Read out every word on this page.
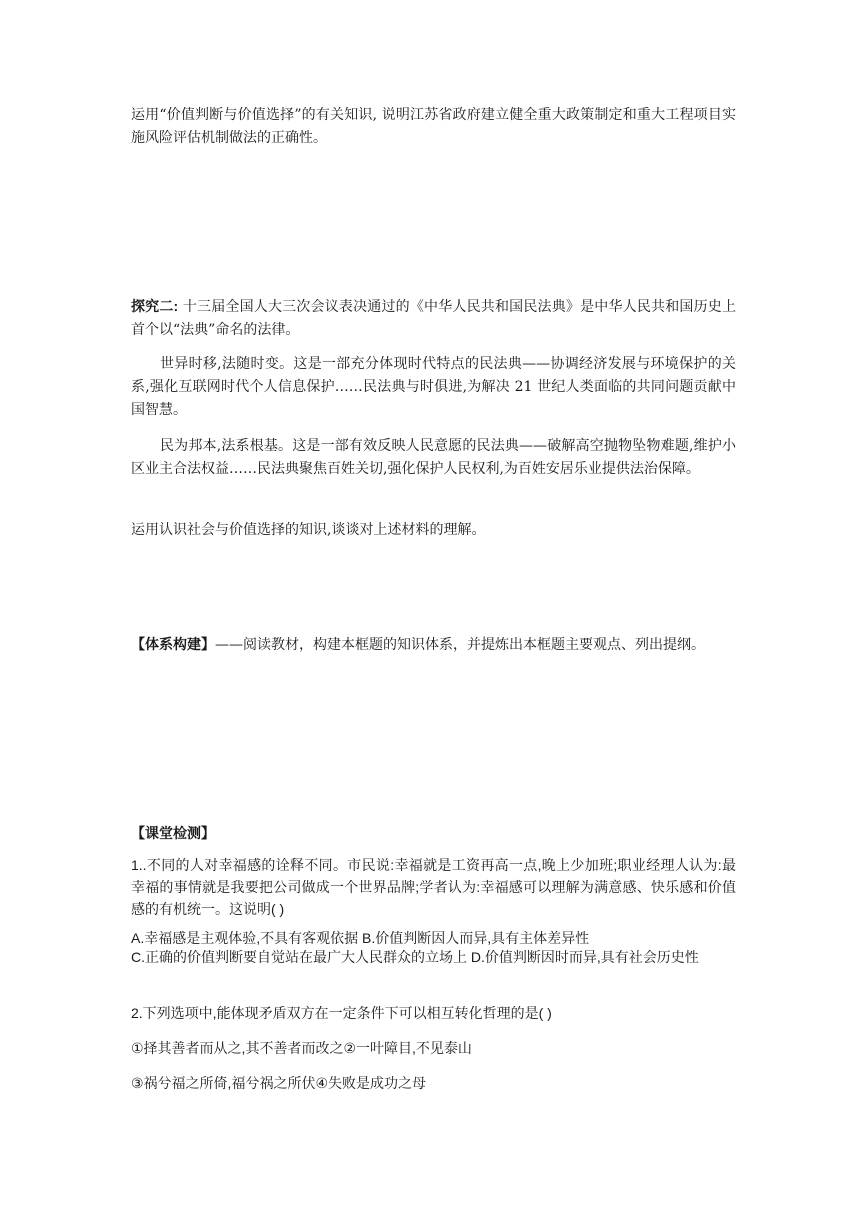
运用“价值判断与价值选择”的有关知识, 说明江苏省政府建立健全重大政策制定和重大工程项目实施风险评估机制做法的正确性。

探究二: 十三届全国人大三次会议表决通过的《中华人民共和国民法典》是中华人民共和国历史上首个以“法典”命名的法律。

世异时移,法随时变。这是一部充分体现时代特点的民法典——协调经济发展与环境保护的关系,强化互联网时代个人信息保护……民法典与时俱进,为解决 21 世纪人类面临的共同问题贡献中国智慧。

民为邦本,法系根基。这是一部有效反映人民意愿的民法典——破解高空抛物坠物难题,维护小区业主合法权益……民法典聚焦百姓关切,强化保护人民权利,为百姓安居乐业提供法治保障。

运用认识社会与价值选择的知识,谈谈对上述材料的理解。

【体系构建】——阅读教材，构建本框题的知识体系，并提炼出本框题主要观点、列出提纲。

【课堂检测】

1..不同的人对幸福感的诠释不同。市民说:幸福就是工资再高一点,晚上少加班;职业经理人认为:最幸福的事情就是我要把公司做成一个世界品牌;学者认为:幸福感可以理解为满意感、快乐感和价值感的有机统一。这说明( )

A.幸福感是主观体验,不具有客观依据 B.价值判断因人而异,具有主体差异性
C.正确的价值判断要自觉站在最广大人民群众的立场上 D.价值判断因时而异,具有社会历史性

2.下列选项中,能体现矛盾双方在一定条件下可以相互转化哲理的是( )

①择其善者而从之,其不善者而改之②一叶障目,不见泰山

③祸兮福之所倚,福兮祸之所伏④失败是成功之母
